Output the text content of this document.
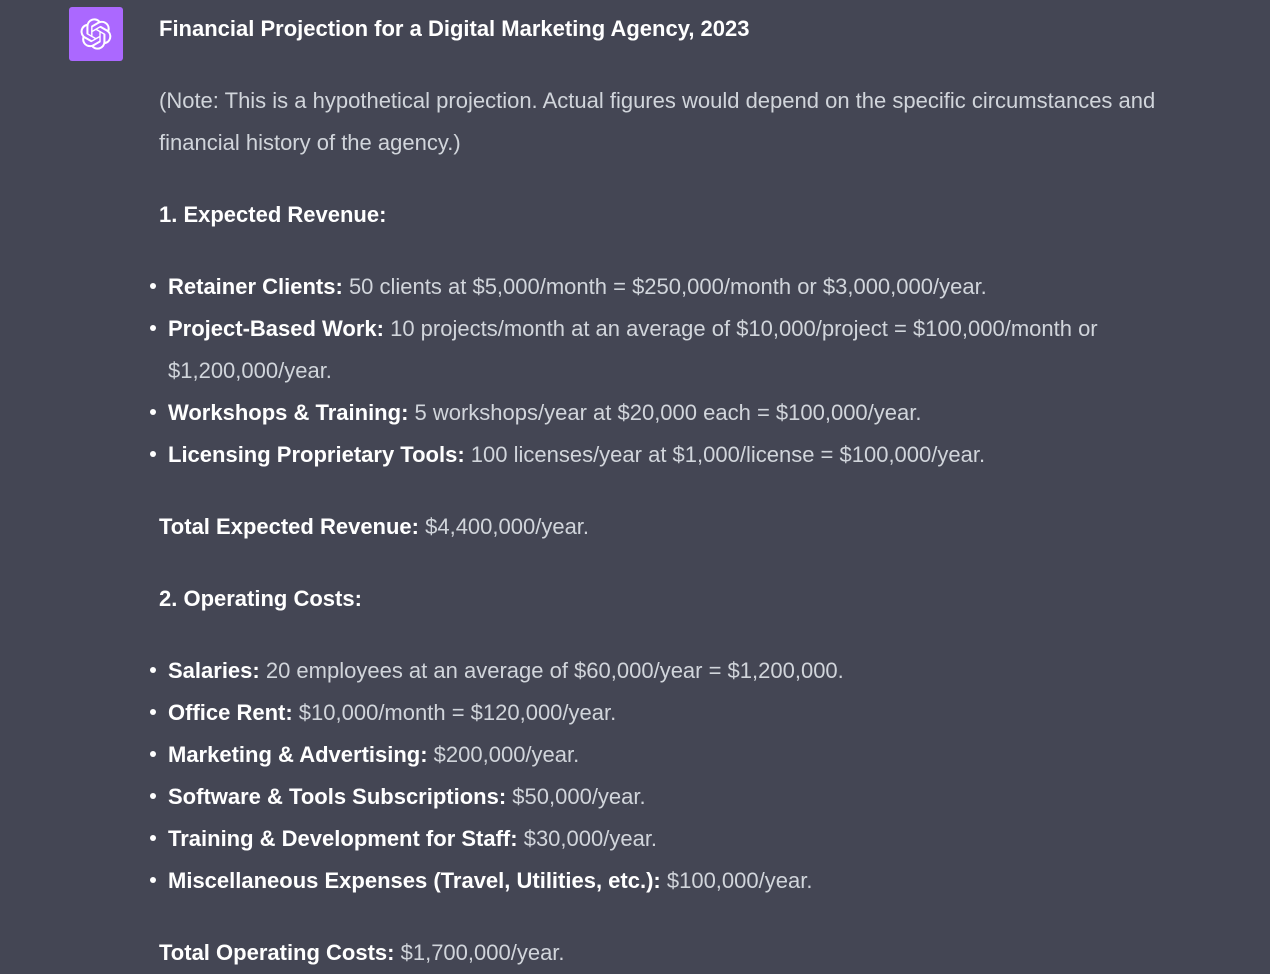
Financial Projection for a Digital Marketing Agency, 2023

(Note: This is a hypothetical projection. Actual figures would depend on the specific circumstances and financial history of the agency.)

1. Expected Revenue:
Retainer Clients: 50 clients at $5,000/month = $250,000/month or $3,000,000/year.
Project-Based Work: 10 projects/month at an average of $10,000/project = $100,000/month or $1,200,000/year.
Workshops & Training: 5 workshops/year at $20,000 each = $100,000/year.
Licensing Proprietary Tools: 100 licenses/year at $1,000/license = $100,000/year.
Total Expected Revenue: $4,400,000/year.
2. Operating Costs:
Salaries: 20 employees at an average of $60,000/year = $1,200,000.
Office Rent: $10,000/month = $120,000/year.
Marketing & Advertising: $200,000/year.
Software & Tools Subscriptions: $50,000/year.
Training & Development for Staff: $30,000/year.
Miscellaneous Expenses (Travel, Utilities, etc.): $100,000/year.
Total Operating Costs: $1,700,000/year.
